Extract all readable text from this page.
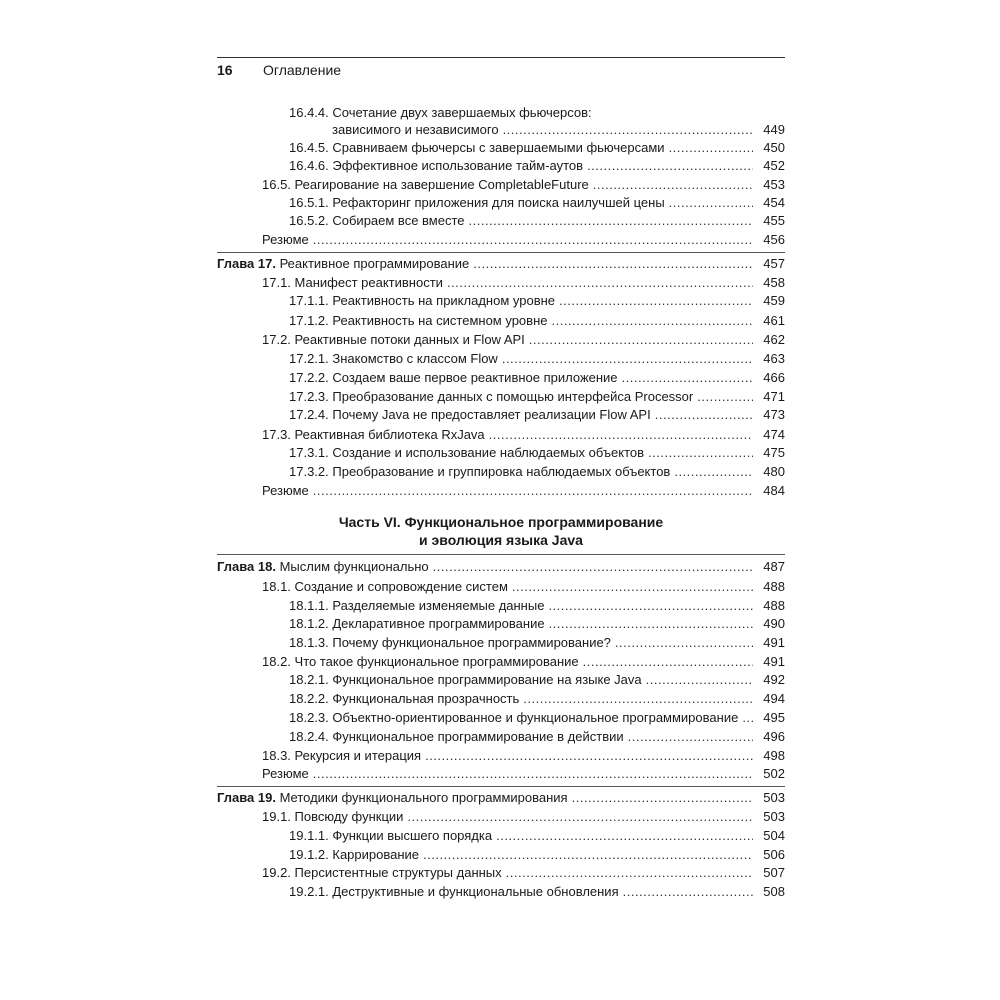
16 Оглавление
16.4.4. Сочетание двух завершаемых фьючерсов:
зависимого и независимого .....	449
16.4.5. Сравниваем фьючерсы с завершаемыми фьючерсами .....	450
16.4.6. Эффективное использование тайм-аутов .....	452
16.5. Реагирование на завершение CompletableFuture .....	453
16.5.1. Рефакторинг приложения для поиска наилучшей цены .....	454
16.5.2. Собираем все вместе .....	455
Резюме .....	456
Глава 17. Реактивное программирование .....	457
17.1. Манифест реактивности .....	458
17.1.1. Реактивность на прикладном уровне .....	459
17.1.2. Реактивность на системном уровне .....	461
17.2. Реактивные потоки данных и Flow API .....	462
17.2.1. Знакомство с классом Flow .....	463
17.2.2. Создаем ваше первое реактивное приложение .....	466
17.2.3. Преобразование данных с помощью интерфейса Processor .....	471
17.2.4. Почему Java не предоставляет реализации Flow API .....	473
17.3. Реактивная библиотека RxJava .....	474
17.3.1. Создание и использование наблюдаемых объектов .....	475
17.3.2. Преобразование и группировка наблюдаемых объектов .....	480
Резюме .....	484
Часть VI. Функциональное программирование
и эволюция языка Java
Глава 18. Мыслим функционально .....	487
18.1. Создание и сопровождение систем .....	488
18.1.1. Разделяемые изменяемые данные .....	488
18.1.2. Декларативное программирование .....	490
18.1.3. Почему функциональное программирование? .....	491
18.2. Что такое функциональное программирование .....	491
18.2.1. Функциональное программирование на языке Java .....	492
18.2.2. Функциональная прозрачность .....	494
18.2.3. Объектно-ориентированное и функциональное программирование .....	495
18.2.4. Функциональное программирование в действии .....	496
18.3. Рекурсия и итерация .....	498
Резюме .....	502
Глава 19. Методики функционального программирования .....	503
19.1. Повсюду функции .....	503
19.1.1. Функции высшего порядка .....	504
19.1.2. Каррирование .....	506
19.2. Персистентные структуры данных .....	507
19.2.1. Деструктивные и функциональные обновления .....	508
